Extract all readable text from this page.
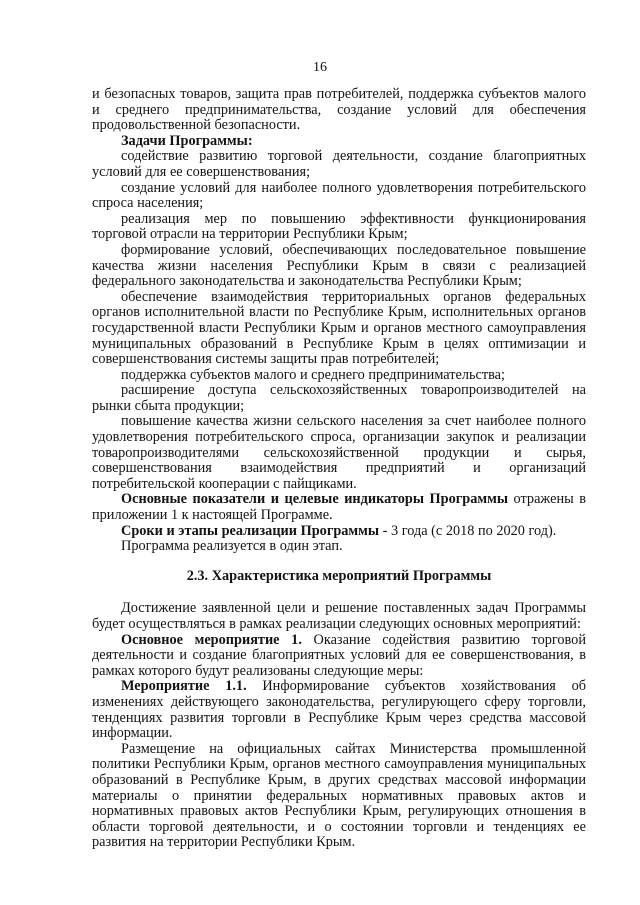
16

и безопасных товаров, защита прав потребителей, поддержка субъектов малого и среднего предпринимательства, создание условий для обеспечения продовольственной безопасности.

Задачи Программы:

содействие развитию торговой деятельности, создание благоприятных условий для ее совершенствования;

создание условий для наиболее полного удовлетворения потребительского спроса населения;

реализация мер по повышению эффективности функционирования торговой отрасли на территории Республики Крым;

формирование условий, обеспечивающих последовательное повышение качества жизни населения Республики Крым в связи с реализацией федерального законодательства и законодательства Республики Крым;

обеспечение взаимодействия территориальных органов федеральных органов исполнительной власти по Республике Крым, исполнительных органов государственной власти Республики Крым и органов местного самоуправления муниципальных образований в Республике Крым в целях оптимизации и совершенствования системы защиты прав потребителей;

поддержка субъектов малого и среднего предпринимательства;

расширение доступа сельскохозяйственных товаропроизводителей на рынки сбыта продукции;

повышение качества жизни сельского населения за счет наиболее полного удовлетворения потребительского спроса, организации закупок и реализации товаропроизводителями сельскохозяйственной продукции и сырья, совершенствования взаимодействия предприятий и организаций потребительской кооперации с пайщиками.

Основные показатели и целевые индикаторы Программы отражены в приложении 1 к настоящей Программе.

Сроки и этапы реализации Программы - 3 года (с 2018 по 2020 год).

Программа реализуется в один этап.

2.3. Характеристика мероприятий Программы

Достижение заявленной цели и решение поставленных задач Программы будет осуществляться в рамках реализации следующих основных мероприятий:

Основное мероприятие 1. Оказание содействия развитию торговой деятельности и создание благоприятных условий для ее совершенствования, в рамках которого будут реализованы следующие меры:

Мероприятие 1.1. Информирование субъектов хозяйствования об изменениях действующего законодательства, регулирующего сферу торговли, тенденциях развития торговли в Республике Крым через средства массовой информации.

Размещение на официальных сайтах Министерства промышленной политики Республики Крым, органов местного самоуправления муниципальных образований в Республике Крым, в других средствах массовой информации материалы о принятии федеральных нормативных правовых актов и нормативных правовых актов Республики Крым, регулирующих отношения в области торговой деятельности, и о состоянии торговли и тенденциях ее развития на территории Республики Крым.
